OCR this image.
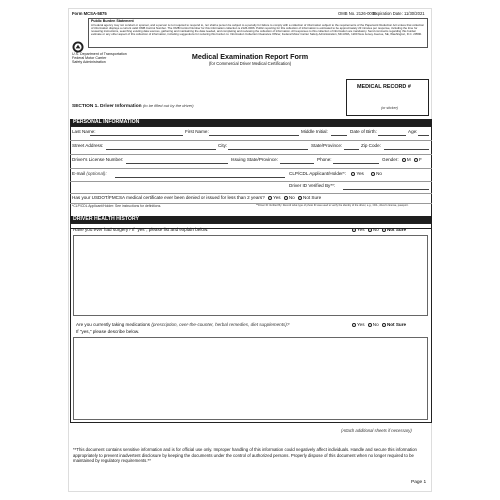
Form MCSA-5875	OMB No. 2126-0006
Expiration Date: 11/30/2021
Public Burden Statement
A Federal agency may not conduct or sponsor, and a person is not required to respond to, nor shall a person be subject to a penalty for failure to comply with a collection of information subject to the requirements of the Paperwork Reduction Act unless that collection of information displays a current valid OMB Control Number. The OMB Control Number for this information collection is 2126-0006. Public reporting for this collection of information is estimated to be approximately 23 minutes per response, including the time for reviewing instructions, searching existing data sources, gathering and maintaining the data needed, and completing and reviewing the collection of information. All responses to this collection of information are mandatory. Send comments regarding this burden estimate or any other aspect of this collection of information, including suggestions for reducing this burden to: Information Collection Clearance Officer, Federal Motor Carrier Safety Administration, MC-RRA, 1200 New Jersey Avenue, SE, Washington, D.C. 20590.
U.S. Department of Transportation
Federal Motor Carrier
Safety Administration
Medical Examination Report Form
(for Commercial Driver Medical Certification)
MEDICAL RECORD #
(or sticker)
SECTION 1. Driver Information (to be filled out by the driver)
PERSONAL INFORMATION
Last Name:	First Name:	Middle Initial:	Date of Birth:	Age:
Street Address:	City:	State/Province:	Zip Code:
Driver's License Number:	Issuing State/Province:	Phone:	Gender: M F
E-mail (optional):	CLP/CDL Applicant/Holder*: Yes	No
Driver ID Verified By**:
Has your USDOT/FMCSA medical certificate ever been denied or issued for less than 2 years? Yes No Not Sure
*CLP/CDL Applicant/Holder: See instructions for definitions.	**Driver ID Verified By: Record what type of photo ID was used to verify the identity of the driver, e.g., CDL, driver's license, passport.
DRIVER HEALTH HISTORY
Have you ever had surgery? If "yes", please list and explain below.	Yes No Not Sure
Are you currently taking medications (prescription, over-the-counter, herbal remedies, diet supplements)?	Yes No Not Sure
If "yes," please describe below.
(Attach additional sheets if necessary)
**This document contains sensitive information and is for official use only. Improper handling of this information could negatively affect individuals. Handle and secure this information appropriately to prevent inadvertent disclosure by keeping the documents under the control of authorized persons. Properly dispose of this document when no longer required to be maintained by regulatory requirements.**
Page 1
